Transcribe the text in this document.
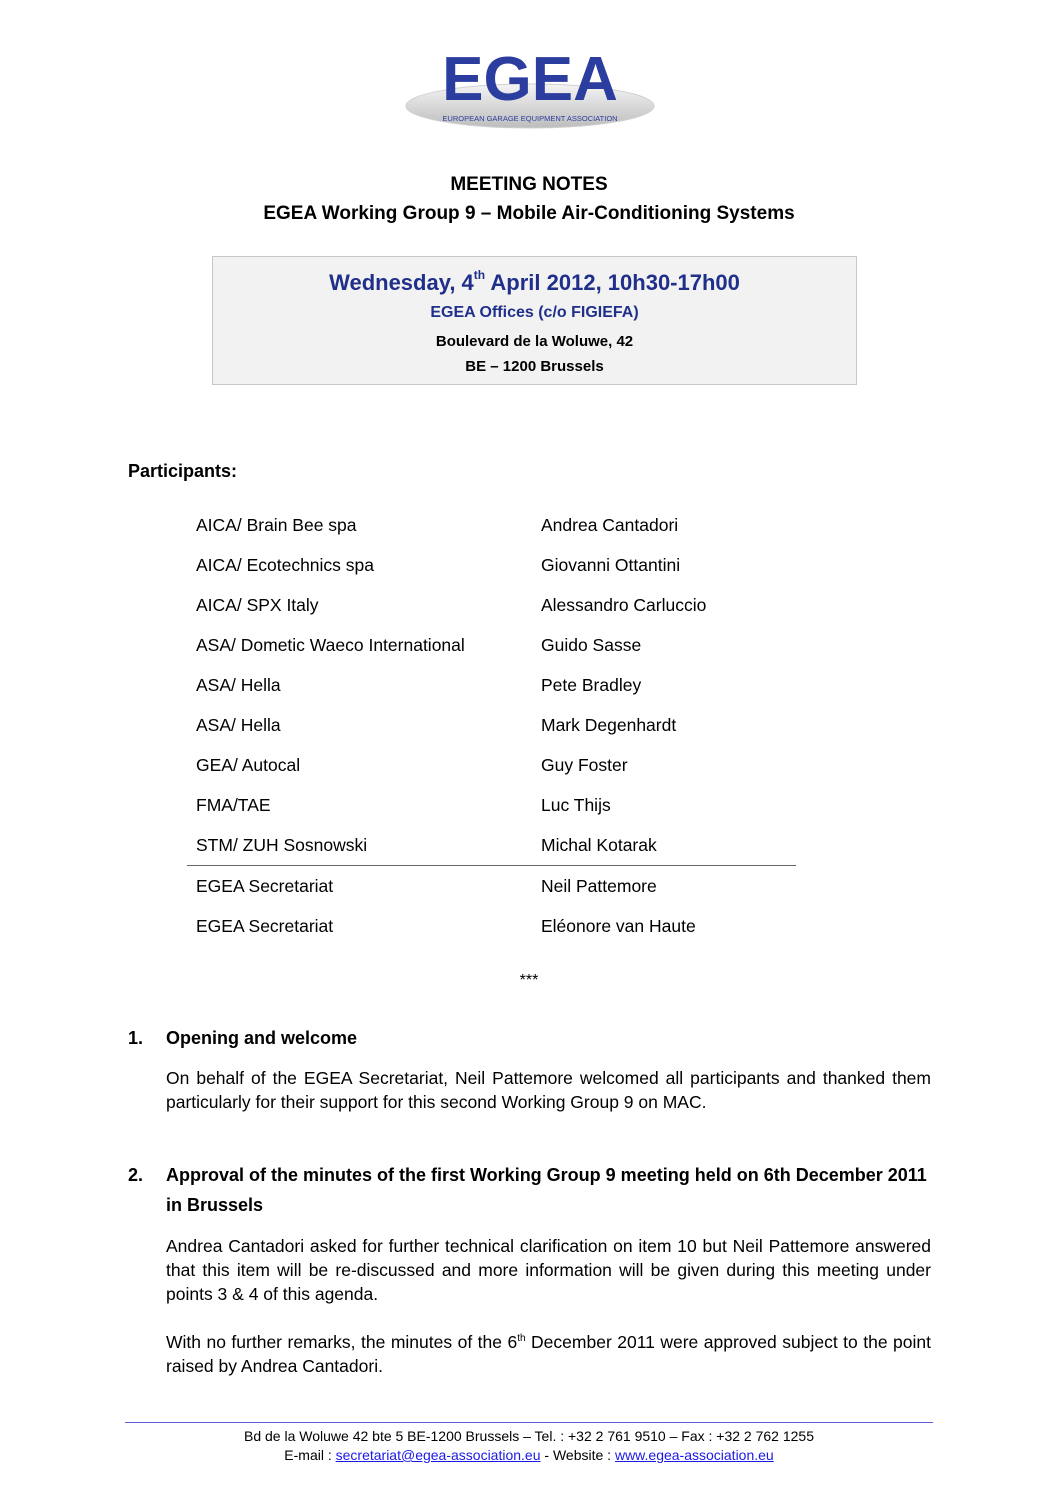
EGEA
EUROPEAN GARAGE EQUIPMENT ASSOCIATION
MEETING NOTES
EGEA Working Group 9 – Mobile Air-Conditioning Systems
Wednesday, 4th April 2012, 10h30-17h00
EGEA Offices (c/o FIGIEFA)
Boulevard de la Woluwe, 42
BE – 1200 Brussels
Participants:
AICA/ Brain Bee spa	Andrea Cantadori
AICA/ Ecotechnics spa	Giovanni Ottantini
AICA/ SPX Italy	Alessandro Carluccio
ASA/ Dometic Waeco International	Guido Sasse
ASA/ Hella	Pete Bradley
ASA/ Hella	Mark Degenhardt
GEA/ Autocal	Guy Foster
FMA/TAE	Luc Thijs
STM/ ZUH Sosnowski	Michal Kotarak
EGEA Secretariat	Neil Pattemore
EGEA Secretariat	Eléonore van Haute
***
1. Opening and welcome
On behalf of the EGEA Secretariat, Neil Pattemore welcomed all participants and thanked them particularly for their support for this second Working Group 9 on MAC.
2. Approval of the minutes of the first Working Group 9 meeting held on 6th December 2011 in Brussels
Andrea Cantadori asked for further technical clarification on item 10 but Neil Pattemore answered that this item will be re-discussed and more information will be given during this meeting under points 3 & 4 of this agenda.
With no further remarks, the minutes of the 6th December 2011 were approved subject to the point raised by Andrea Cantadori.
Bd de la Woluwe 42 bte 5 BE-1200 Brussels – Tel. : +32 2 761 9510 – Fax : +32 2 762 1255
E-mail : secretariat@egea-association.eu - Website : www.egea-association.eu
